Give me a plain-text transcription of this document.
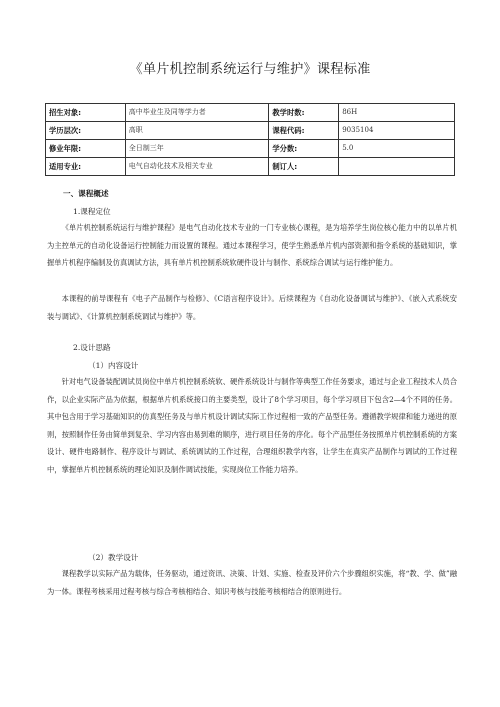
《单片机控制系统运行与维护》课程标准
招生对象:	高中毕业生及同等学力者	教学时数:	86H
学历层次:	高职	课程代码:	9035104
修业年限:	全日制三年	学分数:	5.0
适用专业:	电气自动化技术及相关专业	制订人:	
一、课程概述
1.课程定位

《单片机控制系统运行与维护课程》是电气自动化技术专业的一门专业核心课程，是为培养学生岗位核心能力中的以单片机为主控单元的自动化设备运行控制能力而设置的课程。通过本课程学习，使学生熟悉单片机内部资源和指令系统的基础知识，掌握单片机程序编制及仿真调试方法，具有单片机控制系统软硬件设计与制作、系统综合调试与运行维护能力。

本课程的前导课程有《电子产品制作与检修》、《C语言程序设计》。后续课程为《自动化设备调试与维护》、《嵌入式系统安装与调试》、《计算机控制系统调试与维护》等。

2.设计思路
（1）内容设计

针对电气设备装配调试员岗位中单片机控制系统软、硬件系统设计与制作等典型工作任务要求，通过与企业工程技术人员合作，以企业实际产品为依据，根据单片机系统接口的主要类型，设计了8个学习项目，每个学习项目下包含2—4个不同的任务。其中包含用于学习基础知识的仿真型任务及与单片机设计调试实际工作过程相一致的产品型任务。遵循教学规律和能力递进的原则，按照制作任务由简单到复杂、学习内容由易到难的顺序，进行项目任务的序化。每个产品型任务按照单片机控制系统的方案设计、硬件电路制作、程序设计与调试、系统调试的工作过程，合理组织教学内容，让学生在真实产品制作与调试的工作过程中，掌握单片机控制系统的理论知识及制作调试技能，实现岗位工作能力培养。

（2）教学设计

课程教学以实际产品为载体，任务驱动，通过资讯、决策、计划、实施、检查及评价六个步骤组织实施，将“教、学、做”融为一体。课程考核采用过程考核与综合考核相结合、知识考核与技能考核相结合的原则进行。
